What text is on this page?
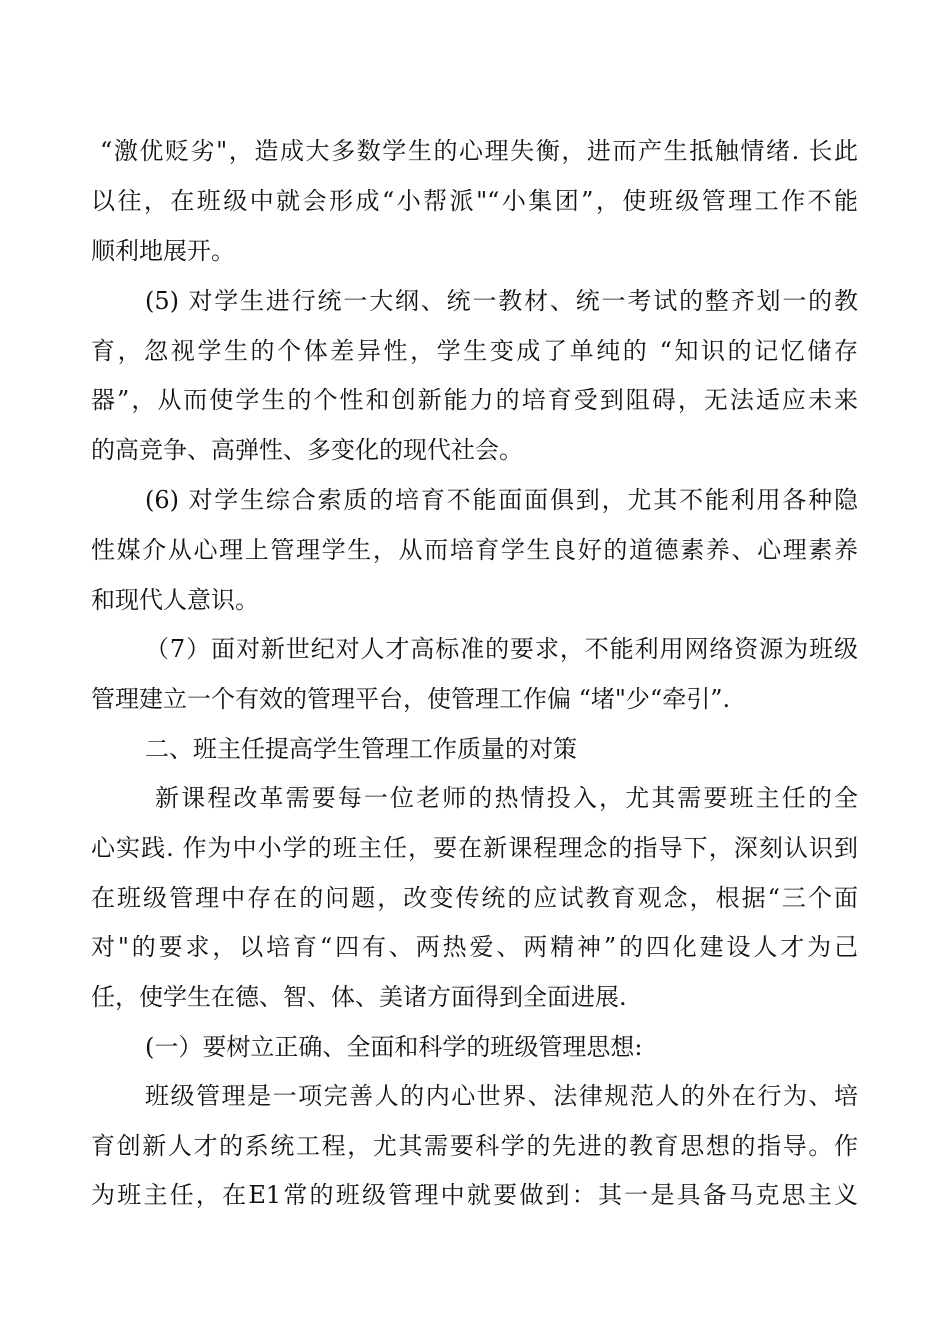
“激优贬劣"，造成大多数学生的心理失衡，进而产生抵触情绪. 长此
以往，在班级中就会形成“小帮派"“小集团”，使班级管理工作不能
顺利地展开。
(5) 对学生进行统一大纲、统一教材、统一考试的整齐划一的教
育，忽视学生的个体差异性，学生变成了单纯的 “知识的记忆储存
器”，从而使学生的个性和创新能力的培育受到阻碍，无法适应未来
的高竞争、高弹性、多变化的现代社会。
(6) 对学生综合索质的培育不能面面俱到，尤其不能利用各种隐
性媒介从心理上管理学生，从而培育学生良好的道德素养、心理素养
和现代人意识。
（7）面对新世纪对人才高标准的要求，不能利用网络资源为班级
管理建立一个有效的管理平台，使管理工作偏 “堵"少“牵引”.
二、班主任提高学生管理工作质量的对策
新课程改革需要每一位老师的热情投入，尤其需要班主任的全
心实践. 作为中小学的班主任，要在新课程理念的指导下，深刻认识到
在班级管理中存在的问题，改变传统的应试教育观念，根据“三个面
对"的要求，以培育“四有、两热爱、两精神”的四化建设人才为己
任，使学生在德、智、体、美诸方面得到全面进展.
(一）要树立正确、全面和科学的班级管理思想:
班级管理是一项完善人的内心世界、法律规范人的外在行为、培
育创新人才的系统工程，尤其需要科学的先进的教育思想的指导。作
为班主任，在E1常的班级管理中就要做到：其一是具备马克思主义
